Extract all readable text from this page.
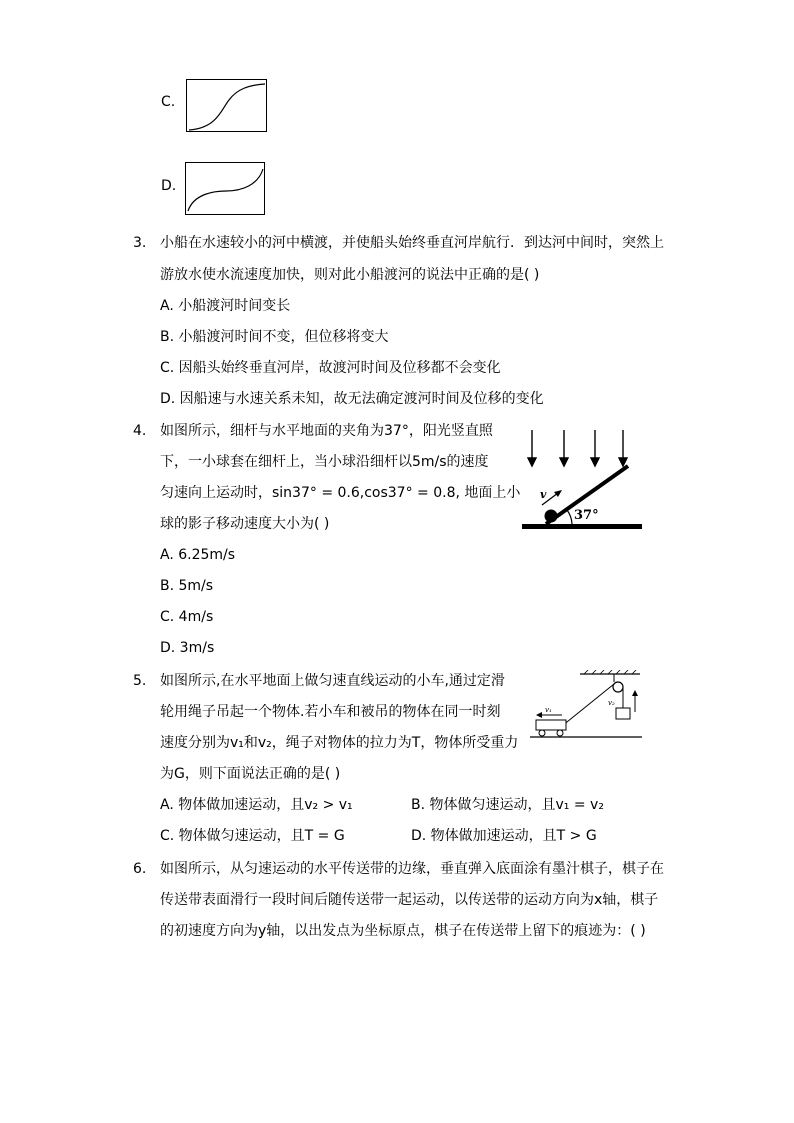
C.
D.
3. 小船在水速较小的河中横渡，并使船头始终垂直河岸航行．到达河中间时，突然上
游放水使水流速度加快，则对此小船渡河的说法中正确的是( )
A. 小船渡河时间变长
B. 小船渡河时间不变，但位移将变大
C. 因船头始终垂直河岸，故渡河时间及位移都不会变化
D. 因船速与水速关系未知，故无法确定渡河时间及位移的变化
4. 如图所示，细杆与水平地面的夹角为37°，阳光竖直照
下，一小球套在细杆上，当小球沿细杆以5m/s的速度
匀速向上运动时，sin37° = 0.6,cos37° = 0.8, 地面上小
球的影子移动速度大小为( )
A. 6.25m/s
B. 5m/s
C. 4m/s
D. 3m/s
v
37°
5. 如图所示,在水平地面上做匀速直线运动的小车,通过定滑
轮用绳子吊起一个物体.若小车和被吊的物体在同一时刻
速度分别为v₁和v₂，绳子对物体的拉力为T，物体所受重力
为G，则下面说法正确的是( )
A. 物体做加速运动，且v₂ > v₁	B. 物体做匀速运动，且v₁ = v₂
C. 物体做匀速运动，且T = G	D. 物体做加速运动，且T > G
v₂
v₁
6. 如图所示，从匀速运动的水平传送带的边缘，垂直弹入底面涂有墨汁棋子，棋子在
传送带表面滑行一段时间后随传送带一起运动，以传送带的运动方向为x轴，棋子
的初速度方向为y轴，以出发点为坐标原点，棋子在传送带上留下的痕迹为：( )
